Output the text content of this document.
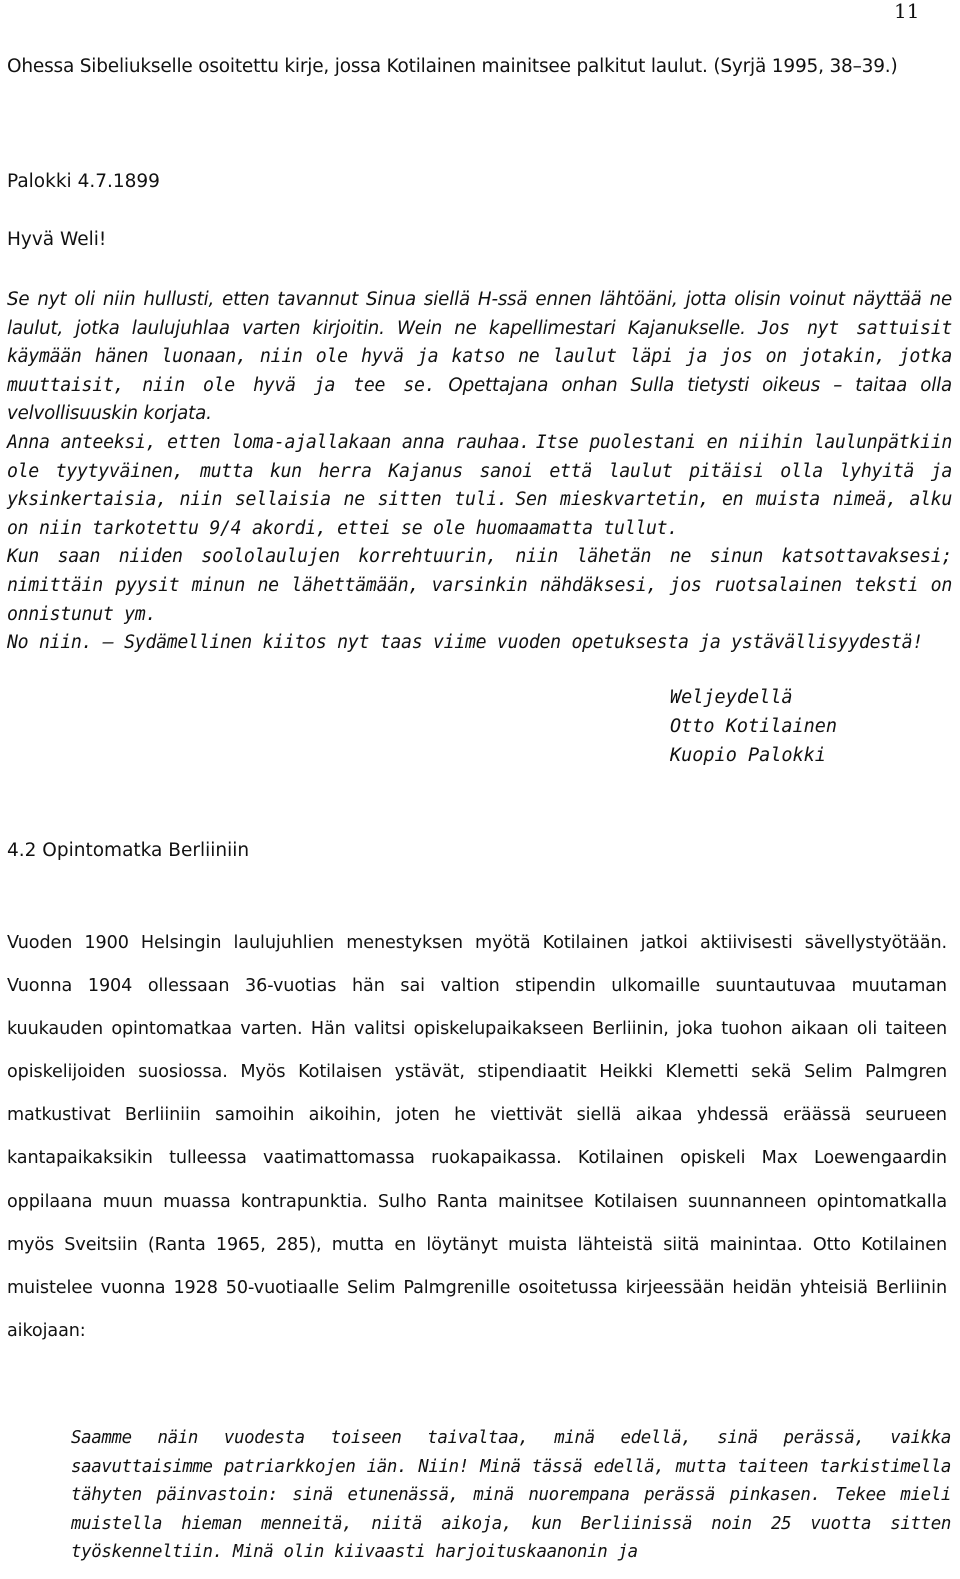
11

Ohessa Sibeliukselle osoitettu kirje, jossa Kotilainen mainitsee palkitut laulut. (Syrjä 1995, 38–39.)

Palokki 4.7.1899
Hyvä Weli!
Se nyt oli niin hullusti, etten tavannut Sinua siellä H-ssä ennen lähtöäni, jotta olisin voinut näyttää ne laulut, jotka laulujuhlaa varten kirjoitin. Wein ne kapellimestari Kajanukselle. Jos nyt sattuisit käymään hänen luonaan, niin ole hyvä ja katso ne laulut läpi ja jos on jotakin, jotka muuttaisit, niin ole hyvä ja tee se. Opettajana onhan Sulla tietysti oikeus – taitaa olla velvollisuuskin korjata.
Anna anteeksi, etten loma-ajallakaan anna rauhaa. Itse puolestani en niihin laulunpätkiin ole tyytyväinen, mutta kun herra Kajanus sanoi että laulut pitäisi olla lyhyitä ja yksinkertaisia, niin sellaisia ne sitten tuli. Sen mieskvartetin, en muista nimeä, alku on niin tarkotettu 9/4 akordi, ettei se ole huomaamatta tullut.
Kun saan niiden soololaulujen korrehtuurin, niin lähetän ne sinun katsottavaksesi; nimittäin pyysit minun ne lähettämään, varsinkin nähdäksesi, jos ruotsalainen teksti on onnistunut ym.
No niin. – Sydämellinen kiitos nyt taas viime vuoden opetuksesta ja ystävällisyydestä!
Weljeydellä
Otto Kotilainen
Kuopio Palokki
4.2 Opintomatka Berliiniin

Vuoden 1900 Helsingin laulujuhlien menestyksen myötä Kotilainen jatkoi aktiivisesti sävellystyötään. Vuonna 1904 ollessaan 36-vuotias hän sai valtion stipendin ulkomaille suuntautuvaa muutaman kuukauden opintomatkaa varten. Hän valitsi opiskelupaikakseen Berliinin, joka tuohon aikaan oli taiteen opiskelijoiden suosiossa. Myös Kotilaisen ystävät, stipendiaatit Heikki Klemetti sekä Selim Palmgren matkustivat Berliiniin samoihin aikoihin, joten he viettivät siellä aikaa yhdessä eräässä seurueen kantapaikaksikin tulleessa vaatimattomassa ruokapaikassa. Kotilainen opiskeli Max Loewengaardin oppilaana muun muassa kontrapunktia. Sulho Ranta mainitsee Kotilaisen suunnanneen opintomatkalla myös Sveitsiin (Ranta 1965, 285), mutta en löytänyt muista lähteistä siitä mainintaa. Otto Kotilainen muistelee vuonna 1928 50-vuotiaalle Selim Palmgrenille osoitetussa kirjeessään heidän yhteisiä Berliinin aikojaan:

Saamme näin vuodesta toiseen taivaltaa, minä edellä, sinä perässä, vaikka saavuttaisimme patriarkkojen iän. Niin! Minä tässä edellä, mutta taiteen tarkistimella tähyten päinvastoin: sinä etunenässä, minä nuorempana perässä pinkasen. Tekee mieli muistella hieman menneitä, niitä aikoja, kun Berliinissä noin 25 vuotta sitten työskenneltiin. Minä olin kiivaasti harjoituskaanonin ja
